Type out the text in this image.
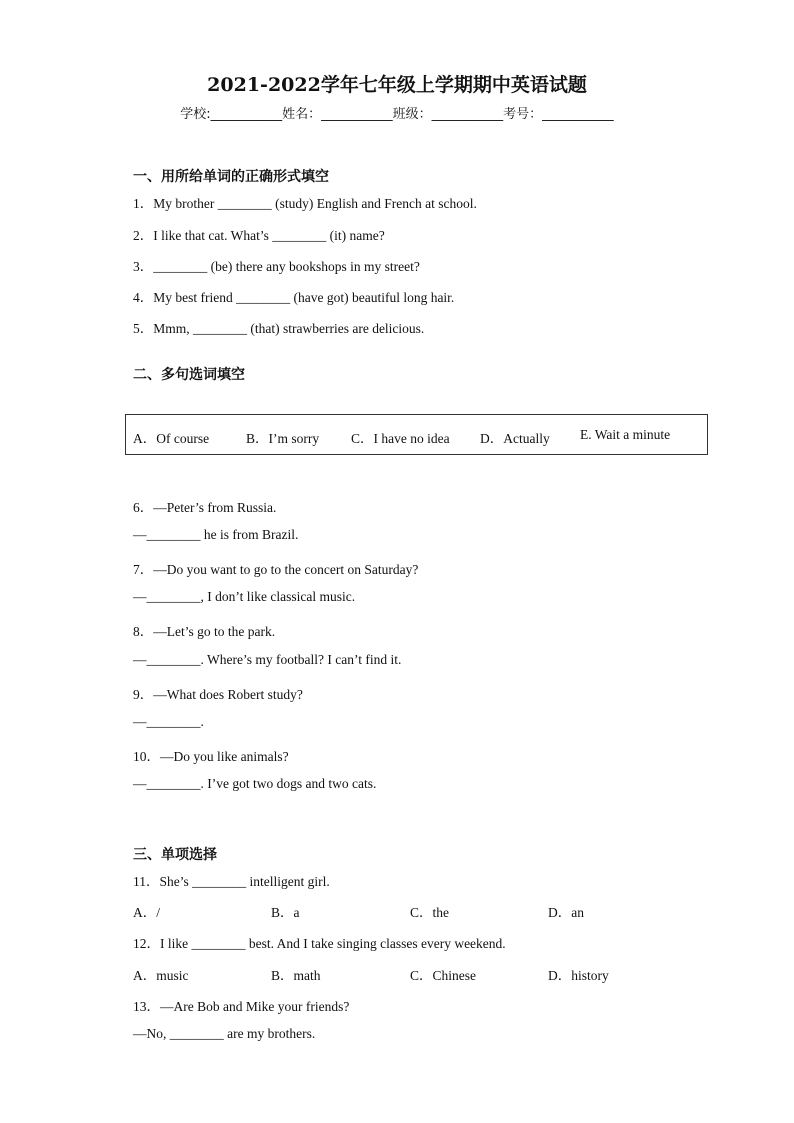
2021-2022学年七年级上学期期中英语试题
学校:___________姓名：___________班级：___________考号：___________
一、用所给单词的正确形式填空
1．My brother ________ (study) English and French at school.
2．I like that cat. What’s ________ (it) name?
3．________ (be) there any bookshops in my street?
4．My best friend ________ (have got) beautiful long hair.
5．Mmm, ________ (that) strawberries are delicious.
二、多句选词填空
A．Of course	B．I’m sorry C．I have no idea D．Actually E. Wait a minute
6．—Peter’s from Russia.
—________ he is from Brazil.
7．—Do you want to go to the concert on Saturday?
—________, I don’t like classical music.
8．—Let’s go to the park.
—________. Where’s my football? I can’t find it.
9．—What does Robert study?
—________.
10．—Do you like animals?
—________. I’ve got two dogs and two cats.
三、单项选择
11．She’s ________ intelligent girl.
A．/	B．a	C．the	D．an
12．I like ________ best. And I take singing classes every weekend.
A．music	B．math	C．Chinese	D．history
13．—Are Bob and Mike your friends?
—No, ________ are my brothers.
